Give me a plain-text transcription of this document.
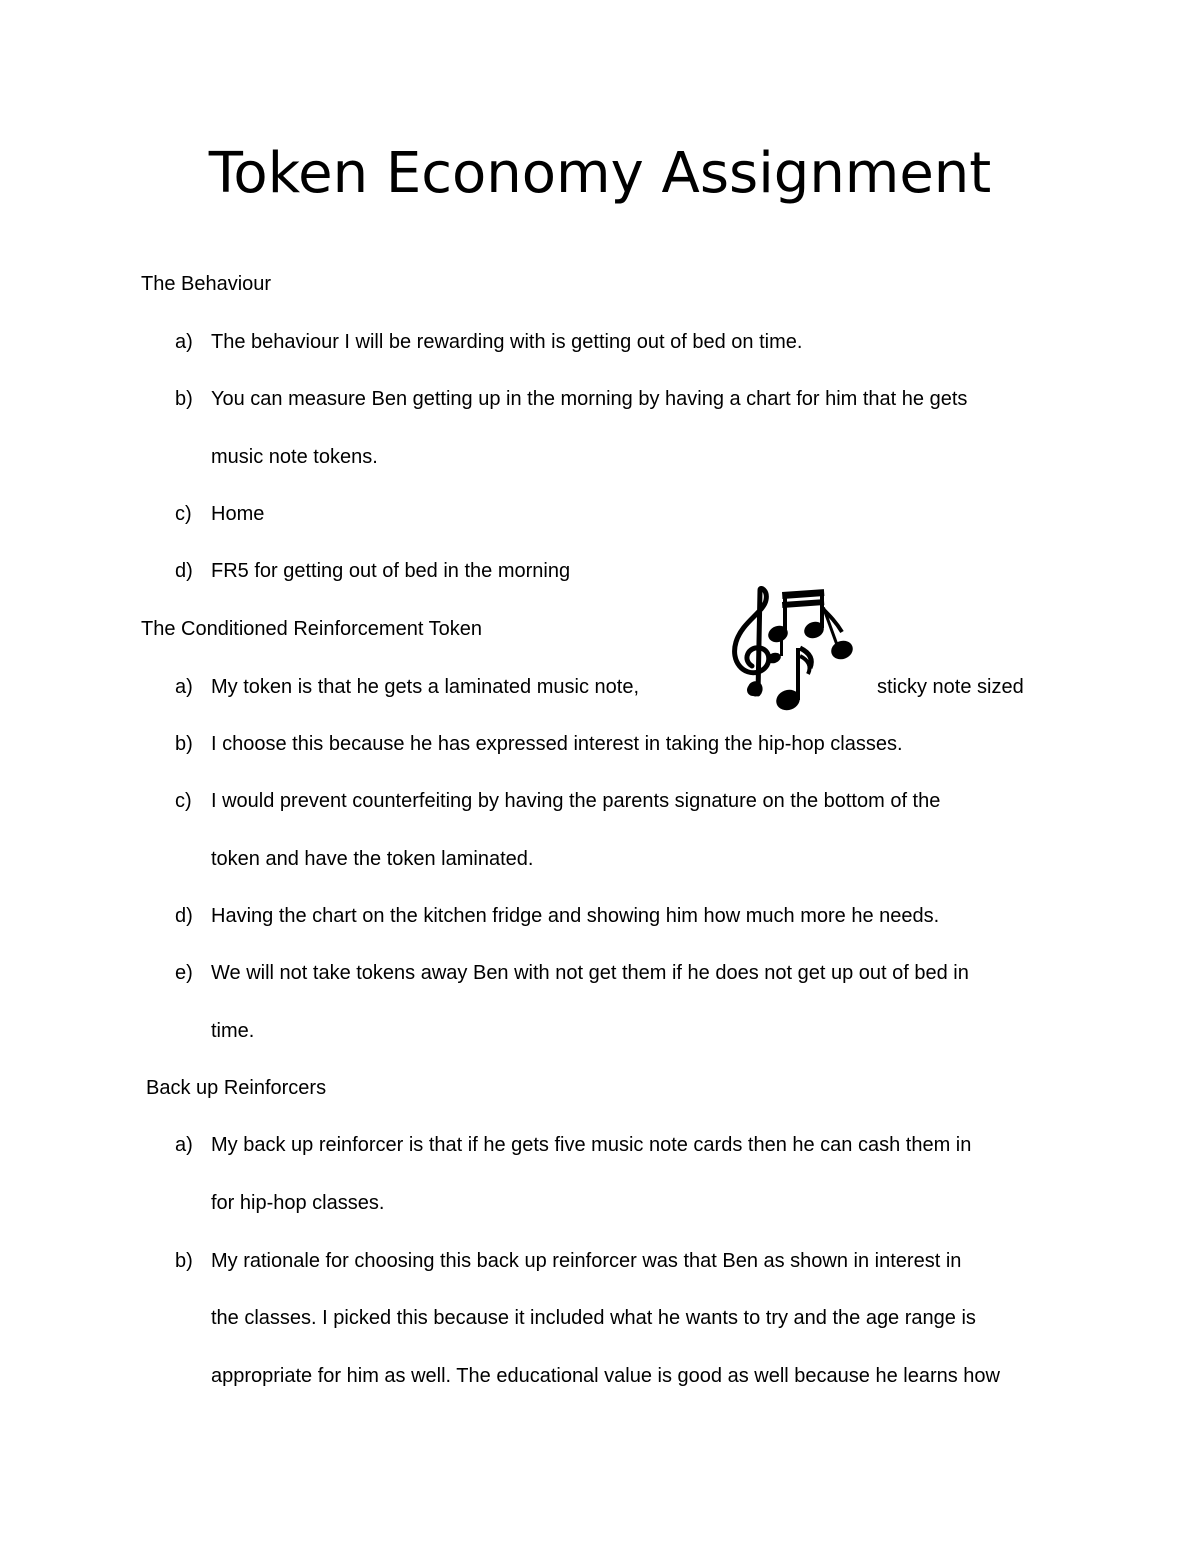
Token Economy Assignment
The Behaviour
a) The behaviour I will be rewarding with is getting out of bed on time.
b) You can measure Ben getting up in the morning by having a chart for him that he gets
music note tokens.
c) Home
d) FR5 for getting out of bed in the morning
The Conditioned Reinforcement Token
a) My token is that he gets a laminated music note,	sticky note sized
b) I choose this because he has expressed interest in taking the hip-hop classes.
c) I would prevent counterfeiting by having the parents signature on the bottom of the
token and have the token laminated.
d) Having the chart on the kitchen fridge and showing him how much more he needs.
e) We will not take tokens away Ben with not get them if he does not get up out of bed in
time.
Back up Reinforcers
a) My back up reinforcer is that if he gets five music note cards then he can cash them in
for hip-hop classes.
b) My rationale for choosing this back up reinforcer was that Ben as shown in interest in
the classes. I picked this because it included what he wants to try and the age range is
appropriate for him as well. The educational value is good as well because he learns how
